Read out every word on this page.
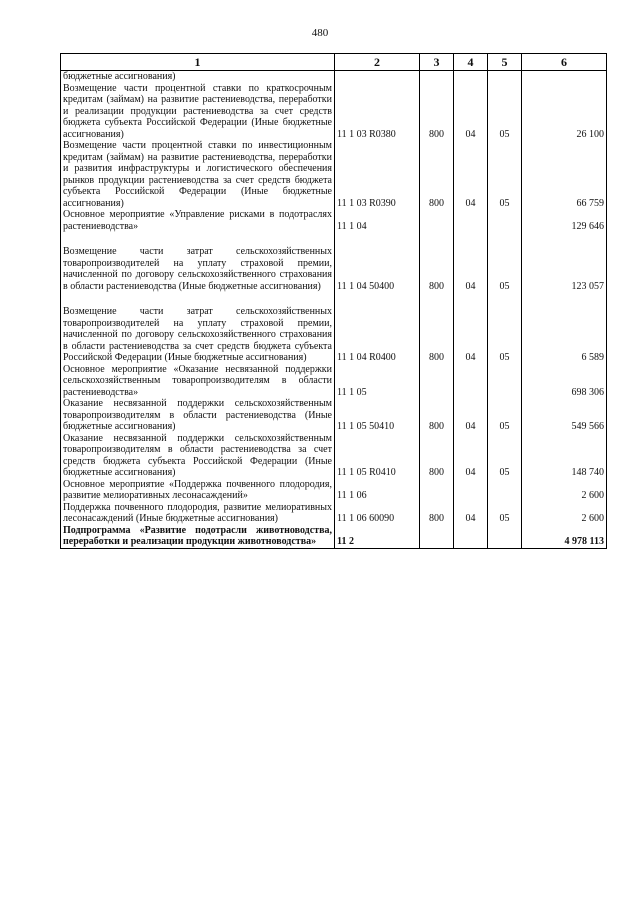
480
1	2	3	4	5	6
бюджетные ассигнования)					
Возмещение части процентной ставки по краткосрочным кредитам (займам) на развитие растениеводства, переработки и реализации продукции растениеводства за счет средств бюджета субъекта Российской Федерации (Иные бюджетные ассигнования)	11 1 03 R0380	800	04	05	26 100
Возмещение части процентной ставки по инвестиционным кредитам (займам) на развитие растениеводства, переработки и развития инфраструктуры и логистического обеспечения рынков продукции растениеводства за счет средств бюджета субъекта Российской Федерации (Иные бюджетные ассигнования)	11 1 03 R0390	800	04	05	66 759
Основное мероприятие «Управление рисками в подотраслях растениеводства»	11 1 04				129 646

Возмещение части затрат сельскохозяйственных товаропроизводителей на уплату страховой премии, начисленной по договору сельскохозяйственного страхования в области растениеводства (Иные бюджетные ассигнования)	11 1 04 50400	800	04	05	123 057

Возмещение части затрат сельскохозяйственных товаропроизводителей на уплату страховой премии, начисленной по договору сельскохозяйственного страхования в области растениеводства за счет средств бюджета субъекта Российской Федерации (Иные бюджетные ассигнования)	11 1 04 R0400	800	04	05	6 589
Основное мероприятие «Оказание несвязанной поддержки сельскохозяйственным товаропроизводителям в области растениеводства»	11 1 05				698 306
Оказание несвязанной поддержки сельскохозяйственным товаропроизводителям в области растениеводства (Иные бюджетные ассигнования)	11 1 05 50410	800	04	05	549 566
Оказание несвязанной поддержки сельскохозяйственным товаропроизводителям в области растениеводства за счет средств бюджета субъекта Российской Федерации (Иные бюджетные ассигнования)	11 1 05 R0410	800	04	05	148 740
Основное мероприятие «Поддержка почвенного плодородия, развитие мелиоративных лесонасаждений»	11 1 06				2 600
Поддержка почвенного плодородия, развитие мелиоративных лесонасаждений (Иные бюджетные ассигнования)	11 1 06 60090	800	04	05	2 600
Подпрограмма «Развитие подотрасли животноводства, переработки и реализации продукции животноводства»	11 2				4 978 113
